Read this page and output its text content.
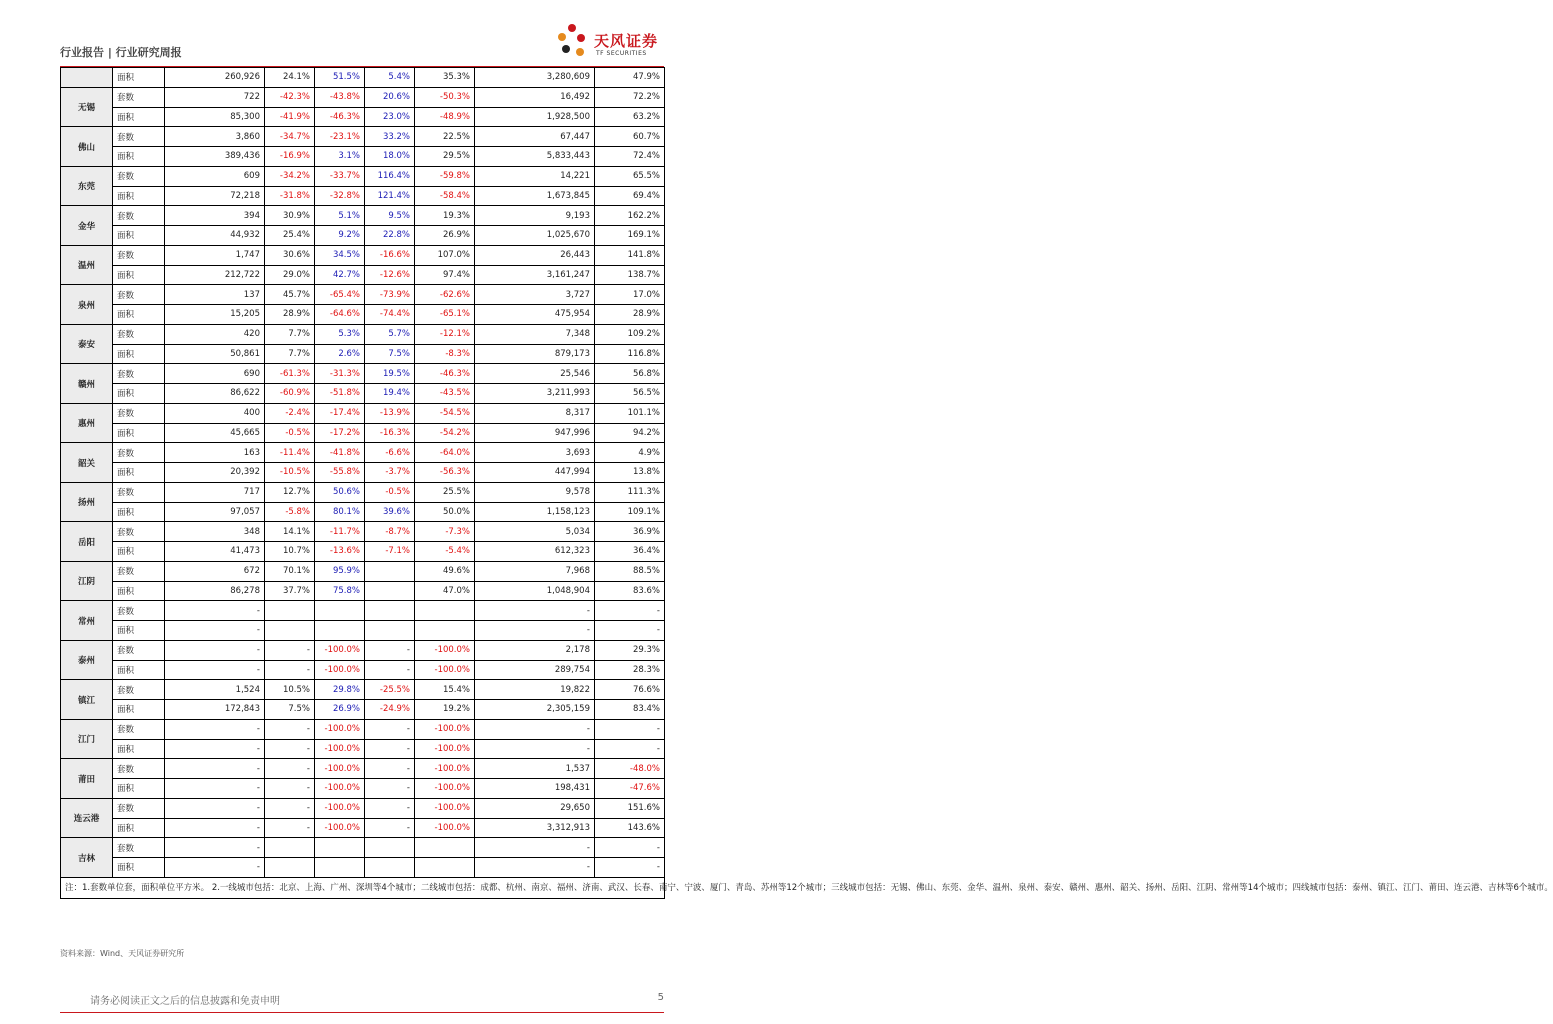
行业报告 | 行业研究周报
天风证券
TF SECURITIES
	面积	260,926	24.1%	51.5%	5.4%	35.3%	3,280,609	47.9%
无锡	套数	722	-42.3%	-43.8%	20.6%	-50.3%	16,492	72.2%
	面积	85,300	-41.9%	-46.3%	23.0%	-48.9%	1,928,500	63.2%
佛山	套数	3,860	-34.7%	-23.1%	33.2%	22.5%	67,447	60.7%
	面积	389,436	-16.9%	3.1%	18.0%	29.5%	5,833,443	72.4%
东莞	套数	609	-34.2%	-33.7%	116.4%	-59.8%	14,221	65.5%
	面积	72,218	-31.8%	-32.8%	121.4%	-58.4%	1,673,845	69.4%
金华	套数	394	30.9%	5.1%	9.5%	19.3%	9,193	162.2%
	面积	44,932	25.4%	9.2%	22.8%	26.9%	1,025,670	169.1%
温州	套数	1,747	30.6%	34.5%	-16.6%	107.0%	26,443	141.8%
	面积	212,722	29.0%	42.7%	-12.6%	97.4%	3,161,247	138.7%
泉州	套数	137	45.7%	-65.4%	-73.9%	-62.6%	3,727	17.0%
	面积	15,205	28.9%	-64.6%	-74.4%	-65.1%	475,954	28.9%
泰安	套数	420	7.7%	5.3%	5.7%	-12.1%	7,348	109.2%
	面积	50,861	7.7%	2.6%	7.5%	-8.3%	879,173	116.8%
赣州	套数	690	-61.3%	-31.3%	19.5%	-46.3%	25,546	56.8%
	面积	86,622	-60.9%	-51.8%	19.4%	-43.5%	3,211,993	56.5%
惠州	套数	400	-2.4%	-17.4%	-13.9%	-54.5%	8,317	101.1%
	面积	45,665	-0.5%	-17.2%	-16.3%	-54.2%	947,996	94.2%
韶关	套数	163	-11.4%	-41.8%	-6.6%	-64.0%	3,693	4.9%
	面积	20,392	-10.5%	-55.8%	-3.7%	-56.3%	447,994	13.8%
扬州	套数	717	12.7%	50.6%	-0.5%	25.5%	9,578	111.3%
	面积	97,057	-5.8%	80.1%	39.6%	50.0%	1,158,123	109.1%
岳阳	套数	348	14.1%	-11.7%	-8.7%	-7.3%	5,034	36.9%
	面积	41,473	10.7%	-13.6%	-7.1%	-5.4%	612,323	36.4%
江阴	套数	672	70.1%	95.9%		49.6%	7,968	88.5%
	面积	86,278	37.7%	75.8%		47.0%	1,048,904	83.6%
常州	套数	-					-	-
	面积	-					-	-
泰州	套数	-	-	-100.0%	-	-100.0%	2,178	29.3%
	面积	-	-	-100.0%	-	-100.0%	289,754	28.3%
镇江	套数	1,524	10.5%	29.8%	-25.5%	15.4%	19,822	76.6%
	面积	172,843	7.5%	26.9%	-24.9%	19.2%	2,305,159	83.4%
江门	套数	-	-	-100.0%	-	-100.0%	-	-
	面积	-	-	-100.0%	-	-100.0%	-	-
莆田	套数	-	-	-100.0%	-	-100.0%	1,537	-48.0%
	面积	-	-	-100.0%	-	-100.0%	198,431	-47.6%
连云港	套数	-	-	-100.0%	-	-100.0%	29,650	151.6%
	面积	-	-	-100.0%	-	-100.0%	3,312,913	143.6%
吉林	套数	-					-	-
	面积	-					-	-
注：1.套数单位套，面积单位平方米。 2.一线城市包括：北京、上海、广州、深圳等4个城市；二线城市包括：成都、杭州、南京、福州、济南、武汉、长春、南宁、宁波、厦门、青岛、苏州等12个城市；三线城市包括：无锡、佛山、东莞、金华、温州、泉州、泰安、赣州、惠州、韶关、扬州、岳阳、江阴、常州等14个城市；四线城市包括：泰州、镇江、江门、莆田、连云港、吉林等6个城市。								
资料来源：Wind、天风证券研究所
请务必阅读正文之后的信息披露和免责申明	5
